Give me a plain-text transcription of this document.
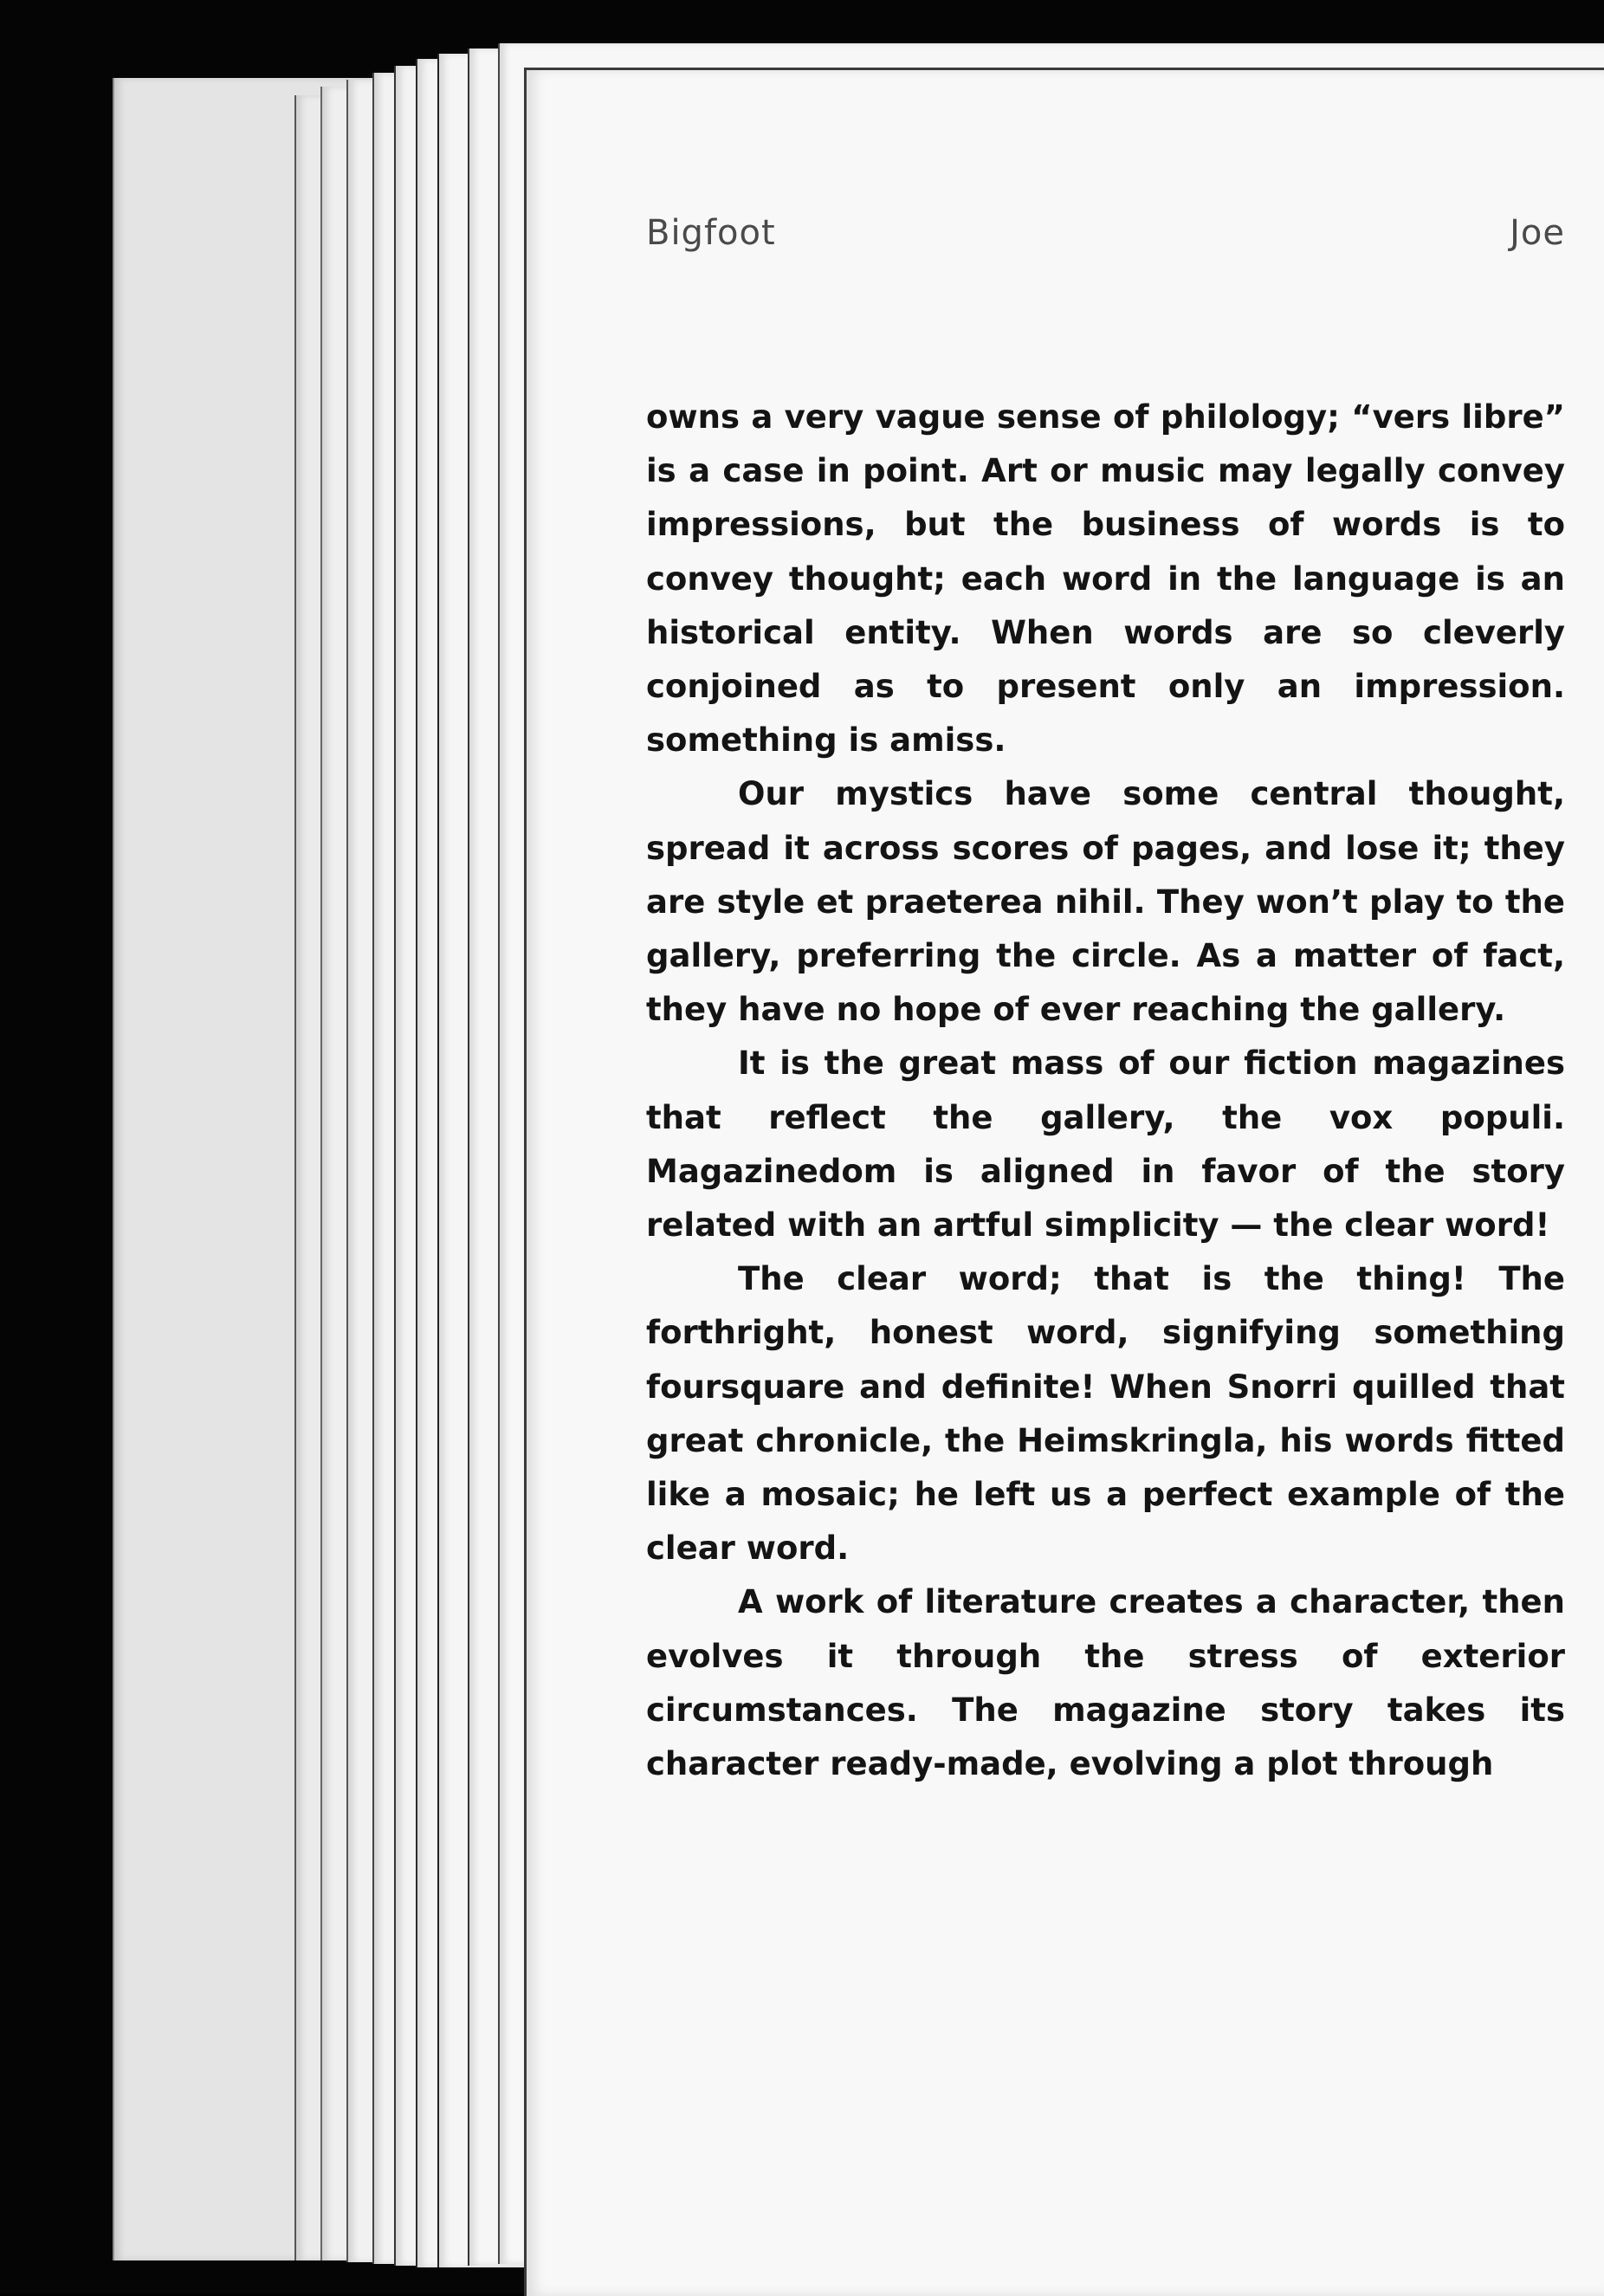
Bigfoot	Joe

owns a very vague sense of philology; “vers libre” is a case in point. Art or music may legally convey impressions, but the business of words is to convey thought; each word in the language is an historical entity. When words are so cleverly conjoined as to present only an impression. something is amiss.

Our mystics have some central thought, spread it across scores of pages, and lose it; they are style et praeterea nihil. They won’t play to the gallery, preferring the circle. As a matter of fact, they have no hope of ever reaching the gallery.

It is the great mass of our fiction magazines that reflect the gallery, the vox populi. Magazinedom is aligned in favor of the story related with an artful simplicity — the clear word!

The clear word; that is the thing! The forthright, honest word, signifying something foursquare and definite! When Snorri quilled that great chronicle, the Heimskringla, his words fitted like a mosaic; he left us a perfect example of the clear word.

A work of literature creates a character, then evolves it through the stress of exterior circumstances. The magazine story takes its character ready-made, evolving a plot through
